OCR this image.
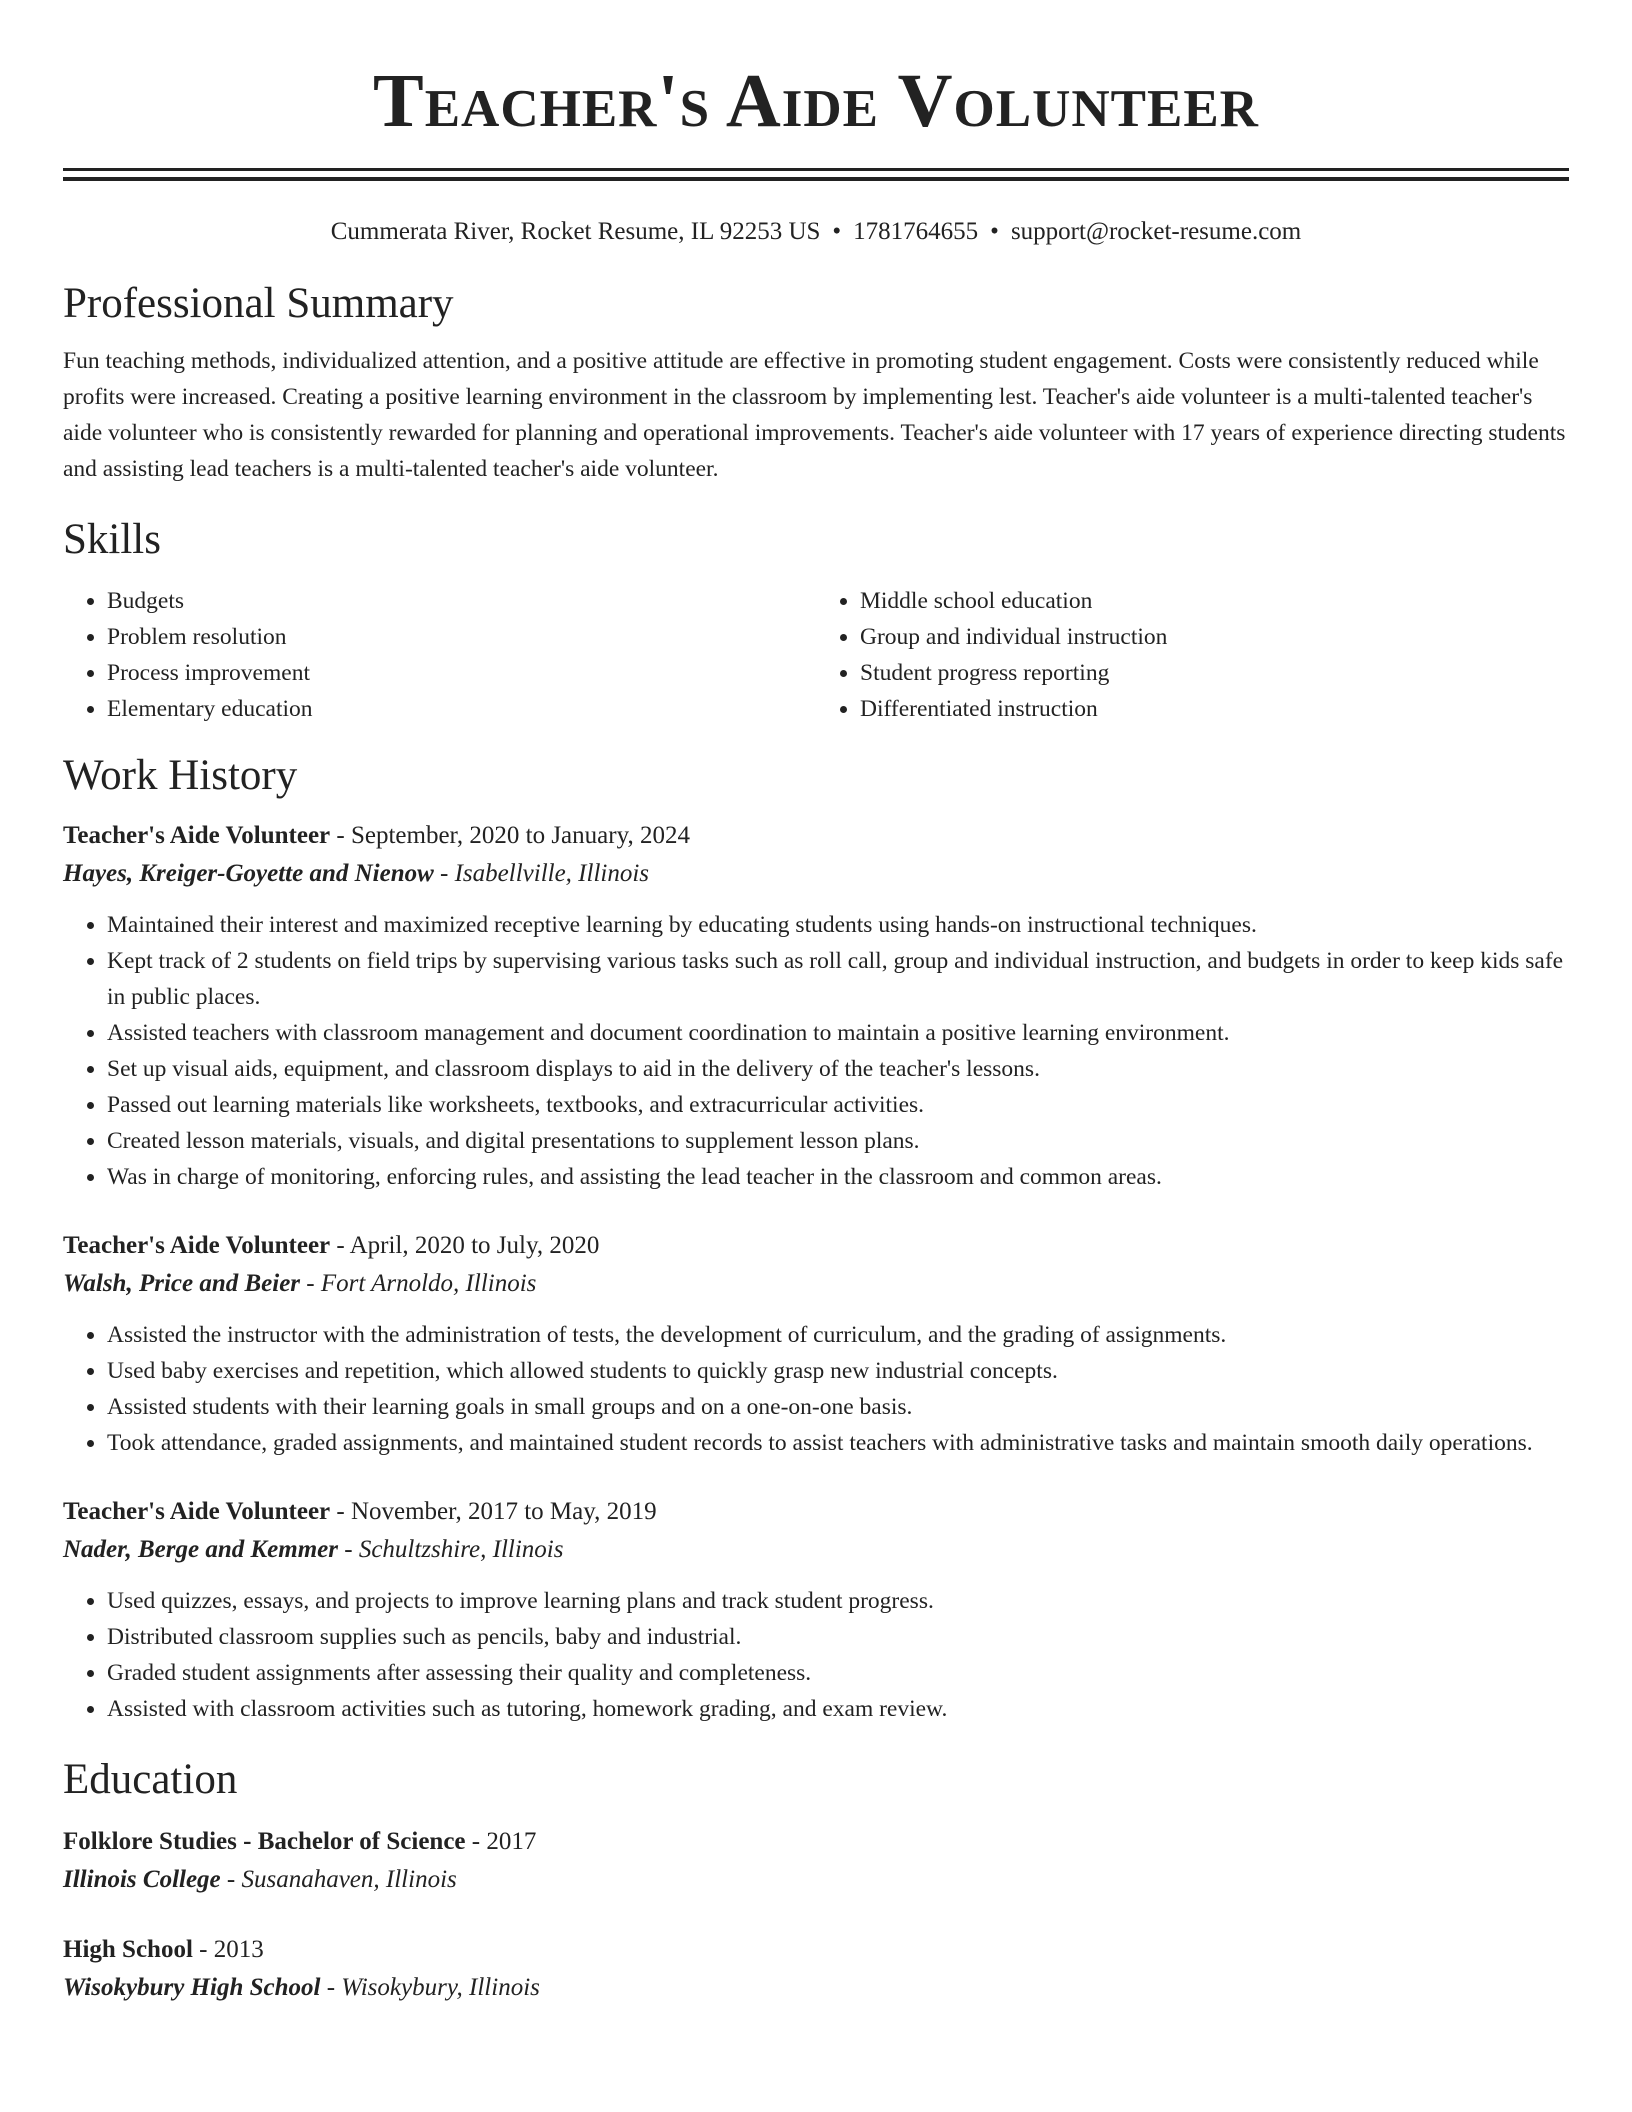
Teacher's Aide Volunteer
Cummerata River, Rocket Resume, IL 92253 US • 1781764655 • support@rocket-resume.com
Professional Summary

Fun teaching methods, individualized attention, and a positive attitude are effective in promoting student engagement. Costs were consistently reduced while profits were increased. Creating a positive learning environment in the classroom by implementing lest. Teacher's aide volunteer is a multi-talented teacher's aide volunteer who is consistently rewarded for planning and operational improvements. Teacher's aide volunteer with 17 years of experience directing students and assisting lead teachers is a multi-talented teacher's aide volunteer.

Skills
• Budgets
• Problem resolution
• Process improvement
• Elementary education
• Middle school education
• Group and individual instruction
• Student progress reporting
• Differentiated instruction
Work History
Teacher's Aide Volunteer - September, 2020 to January, 2024
Hayes, Kreiger-Goyette and Nienow - Isabellville, Illinois
• Maintained their interest and maximized receptive learning by educating students using hands-on instructional techniques.
• Kept track of 2 students on field trips by supervising various tasks such as roll call, group and individual instruction, and budgets in order to keep kids safe in public places.
• Assisted teachers with classroom management and document coordination to maintain a positive learning environment.
• Set up visual aids, equipment, and classroom displays to aid in the delivery of the teacher's lessons.
• Passed out learning materials like worksheets, textbooks, and extracurricular activities.
• Created lesson materials, visuals, and digital presentations to supplement lesson plans.
• Was in charge of monitoring, enforcing rules, and assisting the lead teacher in the classroom and common areas.
Teacher's Aide Volunteer - April, 2020 to July, 2020
Walsh, Price and Beier - Fort Arnoldo, Illinois
• Assisted the instructor with the administration of tests, the development of curriculum, and the grading of assignments.
• Used baby exercises and repetition, which allowed students to quickly grasp new industrial concepts.
• Assisted students with their learning goals in small groups and on a one-on-one basis.
• Took attendance, graded assignments, and maintained student records to assist teachers with administrative tasks and maintain smooth daily operations.
Teacher's Aide Volunteer - November, 2017 to May, 2019
Nader, Berge and Kemmer - Schultzshire, Illinois
• Used quizzes, essays, and projects to improve learning plans and track student progress.
• Distributed classroom supplies such as pencils, baby and industrial.
• Graded student assignments after assessing their quality and completeness.
• Assisted with classroom activities such as tutoring, homework grading, and exam review.
Education
Folklore Studies - Bachelor of Science - 2017
Illinois College - Susanahaven, Illinois
High School - 2013
Wisokybury High School - Wisokybury, Illinois
